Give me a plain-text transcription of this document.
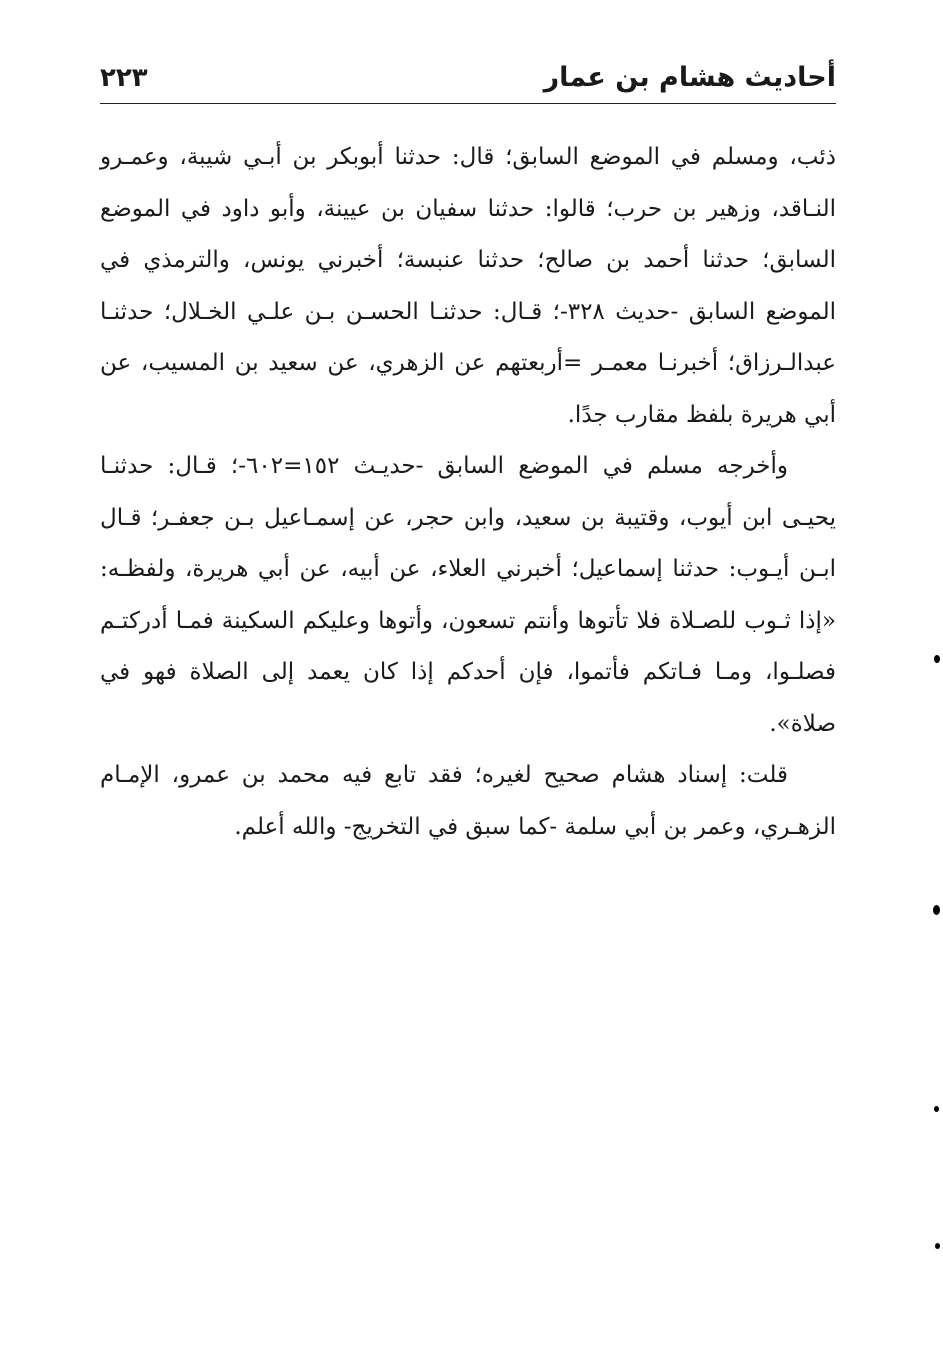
أحاديث هشام بن عمار
٢٢٣

ذئب، ومسلم في الموضع السابق؛ قال: حدثنا أبوبكر بن أبـي شيبة، وعمـرو النـاقد، وزهير بن حرب؛ قالوا: حدثنا سفيان بن عيينة، وأبو داود في الموضع السابق؛ حدثنا أحمد بن صالح؛ حدثنا عنبسة؛ أخبرني يونس، والترمذي في الموضع السابق -حديث ٣٢٨-؛ قـال: حدثنـا الحسـن بـن علـي الخـلال؛ حدثنـا عبدالـرزاق؛ أخبرنـا معمـر =أربعتهم عن الزهري، عن سعيد بن المسيب، عن أبي هريرة بلفظ مقارب جدًا.

وأخرجه مسلم في الموضع السابق -حديـث ١٥٢=٦٠٢-؛ قـال: حدثنـا يحيـى ابن أيوب، وقتيبة بن سعيد، وابن حجر، عن إسمـاعيل بـن جعفـر؛ قـال ابـن أيـوب: حدثنا إسماعيل؛ أخبرني العلاء، عن أبيه، عن أبي هريرة، ولفظـه: «إذا ثـوب للصـلاة فلا تأتوها وأنتم تسعون، وأتوها وعليكم السكينة فمـا أدركتـم فصلـوا، ومـا فـاتكم فأتموا، فإن أحدكم إذا كان يعمد إلى الصلاة فهو في صلاة».

قلت: إسناد هشام صحيح لغيره؛ فقد تابع فيه محمد بن عمرو، الإمـام الزهـري، وعمر بن أبي سلمة -كما سبق في التخريج- والله أعلم.
